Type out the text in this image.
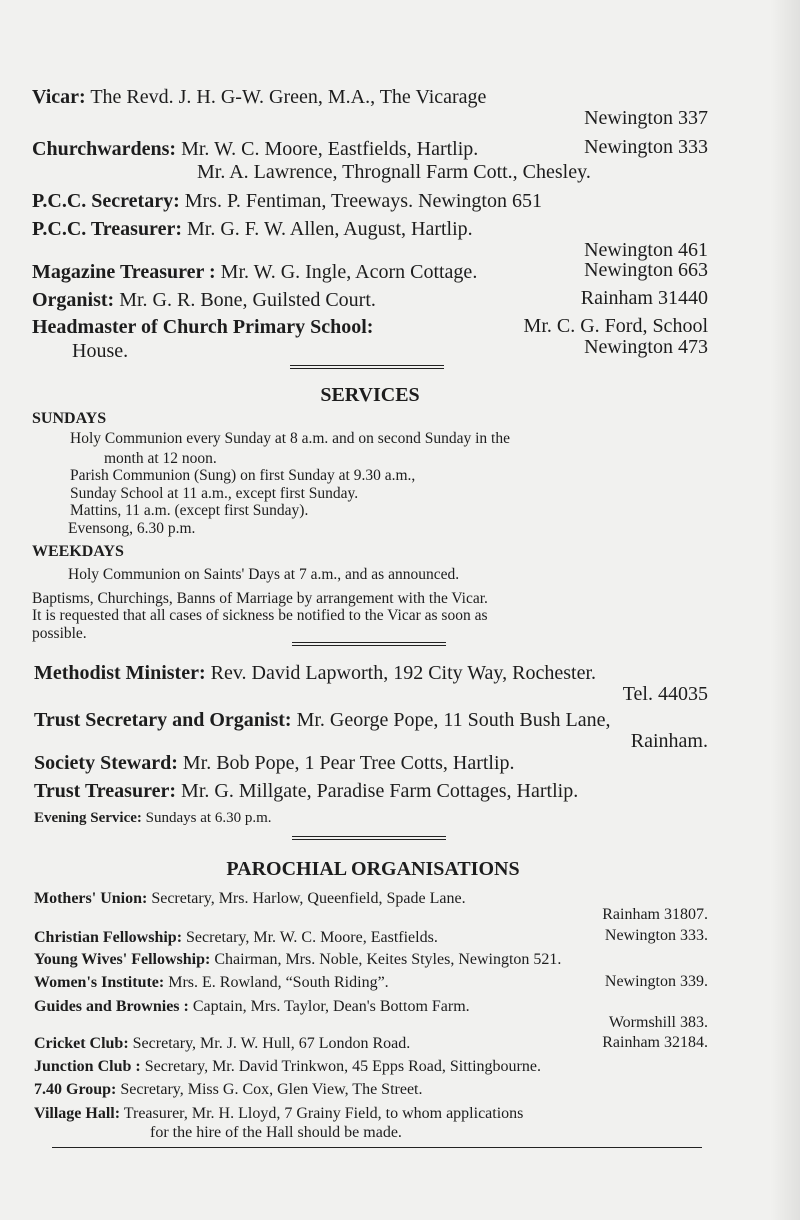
Vicar: The Revd. J. H. G-W. Green, M.A., The Vicarage
Newington 337
Churchwardens: Mr. W. C. Moore, Eastfields, Hartlip.	Newington 333
Mr. A. Lawrence, Thrognall Farm Cott., Chesley.
P.C.C. Secretary: Mrs. P. Fentiman, Treeways. Newington 651
P.C.C. Treasurer: Mr. G. F. W. Allen, August, Hartlip.
Newington 461
Magazine Treasurer : Mr. W. G. Ingle, Acorn Cottage.	Newington 663
Organist: Mr. G. R. Bone, Guilsted Court.	Rainham 31440
Headmaster of Church Primary School:	Mr. C. G. Ford, School
House.	Newington 473
SERVICES
SUNDAYS
Holy Communion every Sunday at 8 a.m. and on second Sunday in the
month at 12 noon.
Parish Communion (Sung) on first Sunday at 9.30 a.m.,
Sunday School at 11 a.m., except first Sunday.
Mattins, 11 a.m. (except first Sunday).
Evensong, 6.30 p.m.
WEEKDAYS
Holy Communion on Saints' Days at 7 a.m., and as announced.
Baptisms, Churchings, Banns of Marriage by arrangement with the Vicar.
It is requested that all cases of sickness be notified to the Vicar as soon as
possible.
Methodist Minister: Rev. David Lapworth, 192 City Way, Rochester.
Tel. 44035
Trust Secretary and Organist: Mr. George Pope, 11 South Bush Lane,
Rainham.
Society Steward: Mr. Bob Pope, 1 Pear Tree Cotts, Hartlip.
Trust Treasurer: Mr. G. Millgate, Paradise Farm Cottages, Hartlip.
Evening Service: Sundays at 6.30 p.m.
PAROCHIAL ORGANISATIONS
Mothers' Union: Secretary, Mrs. Harlow, Queenfield, Spade Lane.
Rainham 31807.
Christian Fellowship: Secretary, Mr. W. C. Moore, Eastfields.	Newington 333.
Young Wives' Fellowship: Chairman, Mrs. Noble, Keites Styles, Newington 521.
Women's Institute: Mrs. E. Rowland, “South Riding”.	Newington 339.
Guides and Brownies : Captain, Mrs. Taylor, Dean's Bottom Farm.
Wormshill 383.
Cricket Club: Secretary, Mr. J. W. Hull, 67 London Road.	Rainham 32184.
Junction Club : Secretary, Mr. David Trinkwon, 45 Epps Road, Sittingbourne.
7.40 Group: Secretary, Miss G. Cox, Glen View, The Street.
Village Hall: Treasurer, Mr. H. Lloyd, 7 Grainy Field, to whom applications
for the hire of the Hall should be made.
